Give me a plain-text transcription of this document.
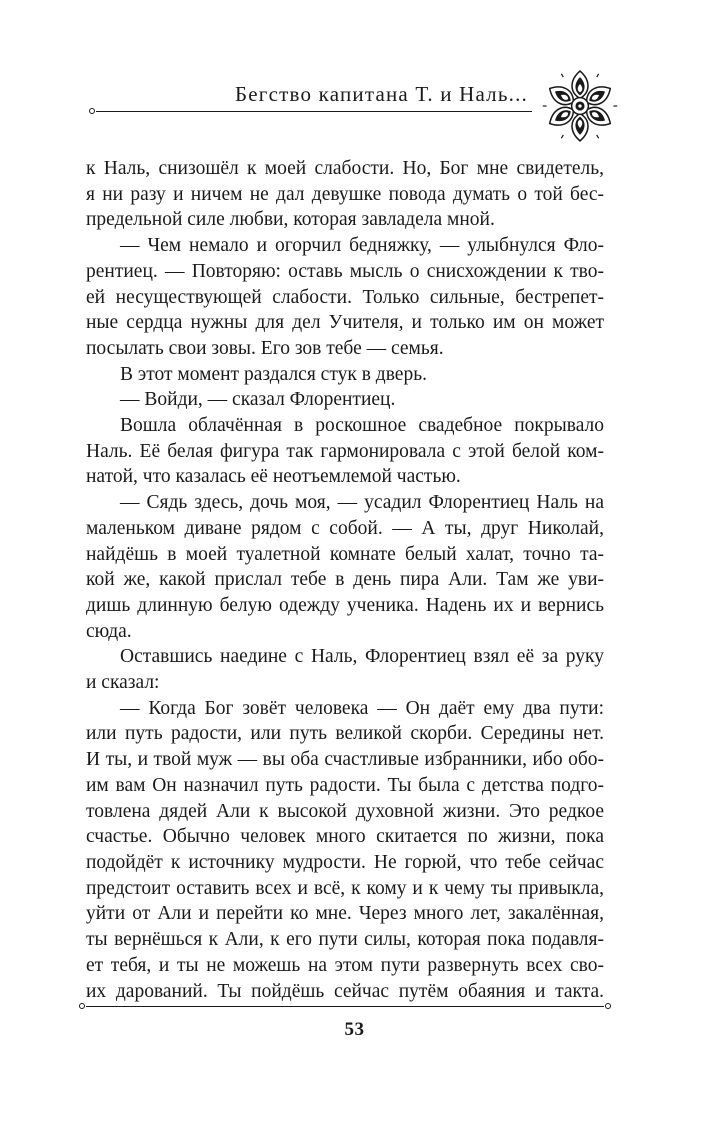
Бегство капитана Т. и Наль...

к Наль, снизошёл к моей слабости. Но, Бог мне свидетель,

я ни разу и ничем не дал девушке повода думать о той бес-

предельной силе любви, которая завладела мной.

— Чем немало и огорчил бедняжку, — улыбнулся Фло-

рентиец. — Повторяю: оставь мысль о снисхождении к тво-

ей несуществующей слабости. Только сильные, бестрепет-

ные сердца нужны для дел Учителя, и только им он может

посылать свои зовы. Его зов тебе — семья.

В этот момент раздался стук в дверь.

— Войди, — сказал Флорентиец.

Вошла облачённая в роскошное свадебное покрывало

Наль. Её белая фигура так гармонировала с этой белой ком-

натой, что казалась её неотъемлемой частью.

— Сядь здесь, дочь моя, — усадил Флорентиец Наль на

маленьком диване рядом с собой. — А ты, друг Николай,

найдёшь в моей туалетной комнате белый халат, точно та-

кой же, какой прислал тебе в день пира Али. Там же уви-

дишь длинную белую одежду ученика. Надень их и вернись

сюда.

Оставшись наедине с Наль, Флорентиец взял её за руку

и сказал:

— Когда Бог зовёт человека — Он даёт ему два пути:

или путь радости, или путь великой скорби. Середины нет.

И ты, и твой муж — вы оба счастливые избранники, ибо обо-

им вам Он назначил путь радости. Ты была с детства подго-

товлена дядей Али к высокой духовной жизни. Это редкое

счастье. Обычно человек много скитается по жизни, пока

подойдёт к источнику мудрости. Не горюй, что тебе сейчас

предстоит оставить всех и всё, к кому и к чему ты привыкла,

уйти от Али и перейти ко мне. Через много лет, закалённая,

ты вернёшься к Али, к его пути силы, которая пока подавля-

ет тебя, и ты не можешь на этом пути развернуть всех сво-

их дарований. Ты пойдёшь сейчас путём обаяния и такта.

53
